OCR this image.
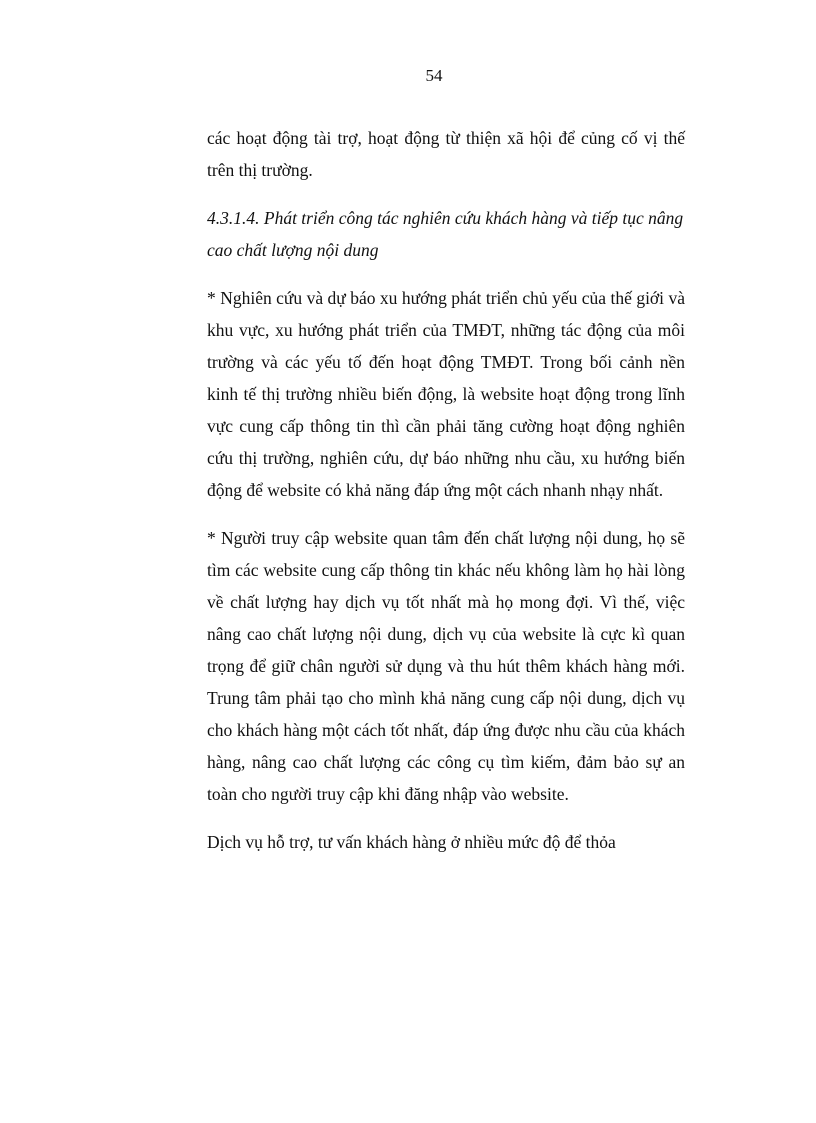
54

các hoạt động tài trợ, hoạt động từ thiện xã hội để củng cố vị thế trên thị trường.

4.3.1.4. Phát triển công tác nghiên cứu khách hàng và tiếp tục nâng cao chất lượng nội dung

* Nghiên cứu và dự báo xu hướng phát triển chủ yếu của thế giới và khu vực, xu hướng phát triển của TMĐT, những tác động của môi trường và các yếu tố đến hoạt động TMĐT. Trong bối cảnh nền kinh tế thị trường nhiều biến động, là website hoạt động trong lĩnh vực cung cấp thông tin thì cần phải tăng cường hoạt động nghiên cứu thị trường, nghiên cứu, dự báo những nhu cầu, xu hướng biến động để website có khả năng đáp ứng một cách nhanh nhạy nhất.

* Người truy cập website quan tâm đến chất lượng nội dung, họ sẽ tìm các website cung cấp thông tin khác nếu không làm họ hài lòng về chất lượng hay dịch vụ tốt nhất mà họ mong đợi. Vì thế, việc nâng cao chất lượng nội dung, dịch vụ của website là cực kì quan trọng để giữ chân người sử dụng và thu hút thêm khách hàng mới. Trung tâm phải tạo cho mình khả năng cung cấp nội dung, dịch vụ cho khách hàng một cách tốt nhất, đáp ứng được nhu cầu của khách hàng, nâng cao chất lượng các công cụ tìm kiếm, đảm bảo sự an toàn cho người truy cập khi đăng nhập vào website.

Dịch vụ hỗ trợ, tư vấn khách hàng ở nhiều mức độ để thỏa
